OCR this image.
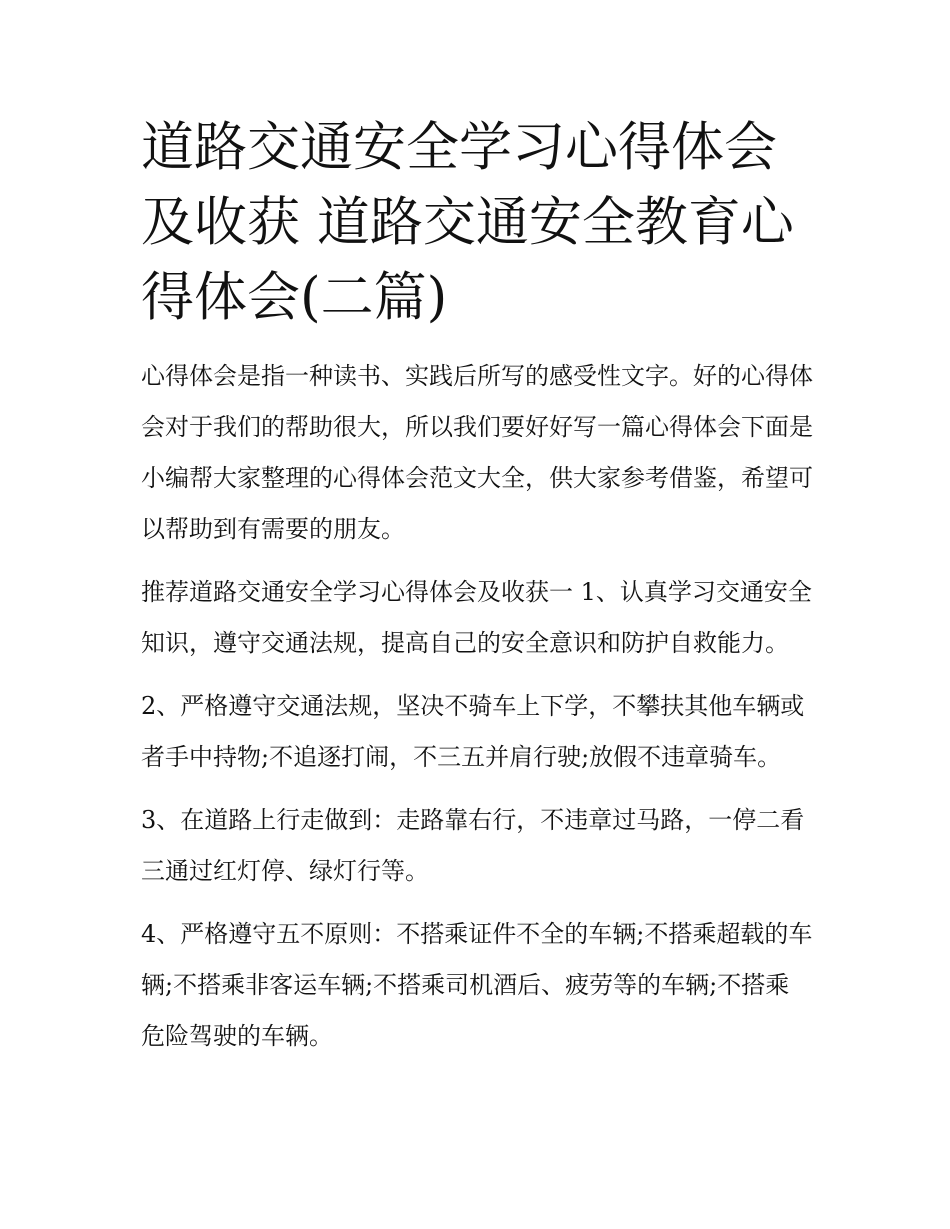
道路交通安全学习心得体会及收获 道路交通安全教育心得体会(二篇)

心得体会是指一种读书、实践后所写的感受性文字。好的心得体会对于我们的帮助很大，所以我们要好好写一篇心得体会下面是小编帮大家整理的心得体会范文大全，供大家参考借鉴，希望可以帮助到有需要的朋友。

推荐道路交通安全学习心得体会及收获一 1、认真学习交通安全知识，遵守交通法规，提高自己的安全意识和防护自救能力。

2、严格遵守交通法规，坚决不骑车上下学，不攀扶其他车辆或者手中持物;不追逐打闹，不三五并肩行驶;放假不违章骑车。

3、在道路上行走做到：走路靠右行，不违章过马路，一停二看三通过红灯停、绿灯行等。

4、严格遵守五不原则：不搭乘证件不全的车辆;不搭乘超载的车辆;不搭乘非客运车辆;不搭乘司机酒后、疲劳等的车辆;不搭乘危险驾驶的车辆。
